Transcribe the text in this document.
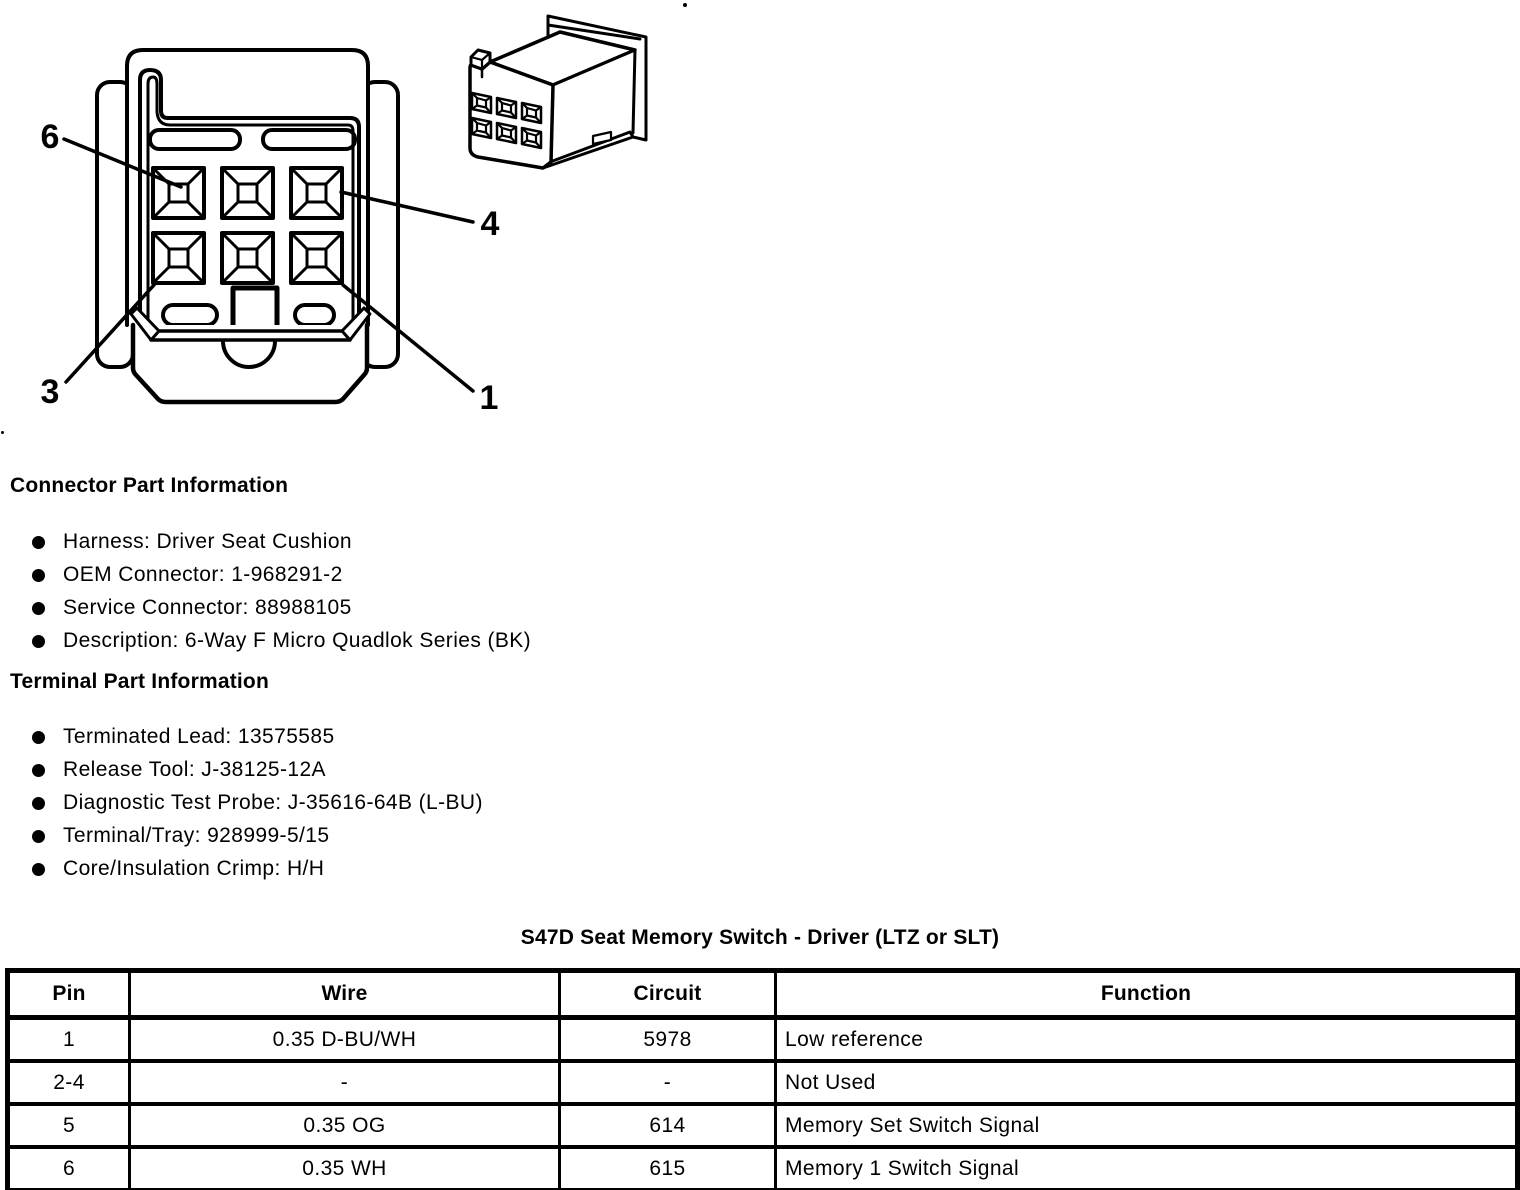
6
4
3	1
Connector Part Information
Harness: Driver Seat Cushion
OEM Connector: 1-968291-2
Service Connector: 88988105
Description: 6-Way F Micro Quadlok Series (BK)
Terminal Part Information
Terminated Lead: 13575585
Release Tool: J-38125-12A
Diagnostic Test Probe: J-35616-64B (L-BU)
Terminal/Tray: 928999-5/15
Core/Insulation Crimp: H/H
S47D Seat Memory Switch - Driver (LTZ or SLT)
Pin	Wire	Circuit	Function
1	0.35 D-BU/WH	5978	Low reference
2-4	-	-	Not Used
5	0.35 OG	614	Memory Set Switch Signal
6	0.35 WH	615	Memory 1 Switch Signal
